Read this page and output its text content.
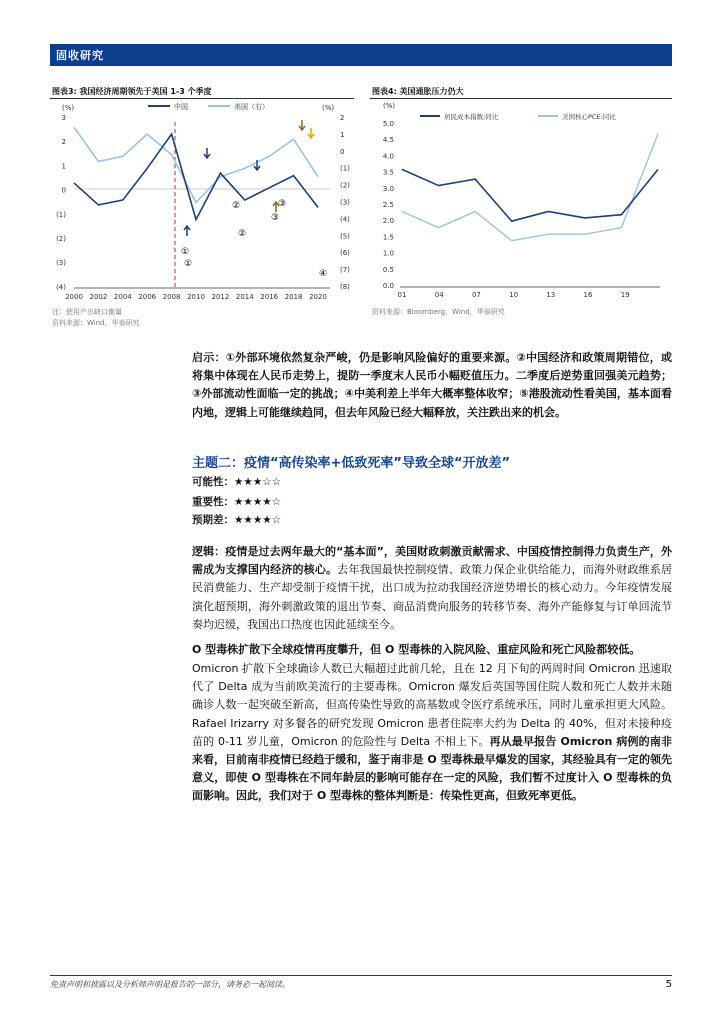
固收研究
华泰证券
HUATAI SECURITIES
图表3: 我国经济周期领先于美国 1-3 个季度
(%)	(%)
中国	美国（右）
3
2
1
0
(1)
(2)
(3)
(4)
2
1
0
(1)
(2)
(3)
(4)
(5)
(6)
(7)
(8)
2000 2002 2004 2006 2008 2010 2012 2014 2016 2018 2020
①
①
②
②
③
③
④
注：使用产出缺口衡量
资料来源：Wind，华泰研究
图表4: 美国通胀压力仍大
(%)
居民成本指数:同比	美国核心PCE:同比
5.0
4.5
4.0
3.5
3.0
2.5
2.0
1.5
1.0
0.5
0.0
01	04	07	10	13	16	19
资料来源：Bloomberg，Wind，华泰研究
启示：①外部环境依然复杂严峻，仍是影响风险偏好的重要来源。②中国经济和政策周期错位，或将集中体现在人民币走势上，提防一季度末人民币小幅贬值压力。二季度后逆势重回强美元趋势；③外部流动性面临一定的挑战；④中美利差上半年大概率整体收窄；⑤港股流动性看美国，基本面看内地，逻辑上可能继续趋同，但去年风险已经大幅释放，关注跌出来的机会。
主题二：疫情“高传染率+低致死率”导致全球“开放差”
可能性：★★★☆☆
重要性：★★★★☆
预期差：★★★★☆
逻辑：疫情是过去两年最大的“基本面”，美国财政刺激贡献需求、中国疫情控制得力负责生产，外需成为支撑国内经济的核心。去年我国最快控制疫情、政策力保企业供给能力，而海外财政维系居民消费能力、生产却受制于疫情干扰，出口成为拉动我国经济逆势增长的核心动力。今年疫情发展演化超预期，海外刺激政策的退出节奏、商品消费向服务的转移节奏、海外产能修复与订单回流节奏均迟缓，我国出口热度也因此延续至今。
O 型毒株扩散下全球疫情再度攀升，但 O 型毒株的入院风险、重症风险和死亡风险都较低。
Omicron 扩散下全球确诊人数已大幅超过此前几轮，且在 12 月下旬的两周时间 Omicron 迅速取代了 Delta 成为当前欧美流行的主要毒株。Omicron 爆发后英国等国住院人数和死亡人数并未随确诊人数一起突破至新高，但高传染性导致的高基数或令医疗系统承压，同时儿童承担更大风险。Rafael Irizarry 对多餐各的研究发现 Omicron 患者住院率大约为 Delta 的 40%，但对未接种疫苗的 0-11 岁儿童，Omicron 的危险性与 Delta 不相上下。再从最早报告 Omicron 病例的南非来看，目前南非疫情已经趋于缓和，鉴于南非是 O 型毒株最早爆发的国家，其经验具有一定的领先意义，即使 O 型毒株在不同年龄层的影响可能存在一定的风险，我们暂不过度计入 O 型毒株的负面影响。因此，我们对于 O 型毒株的整体判断是：传染性更高，但致死率更低。
免责声明和披露以及分析师声明是报告的一部分，请务必一起阅读。	5
